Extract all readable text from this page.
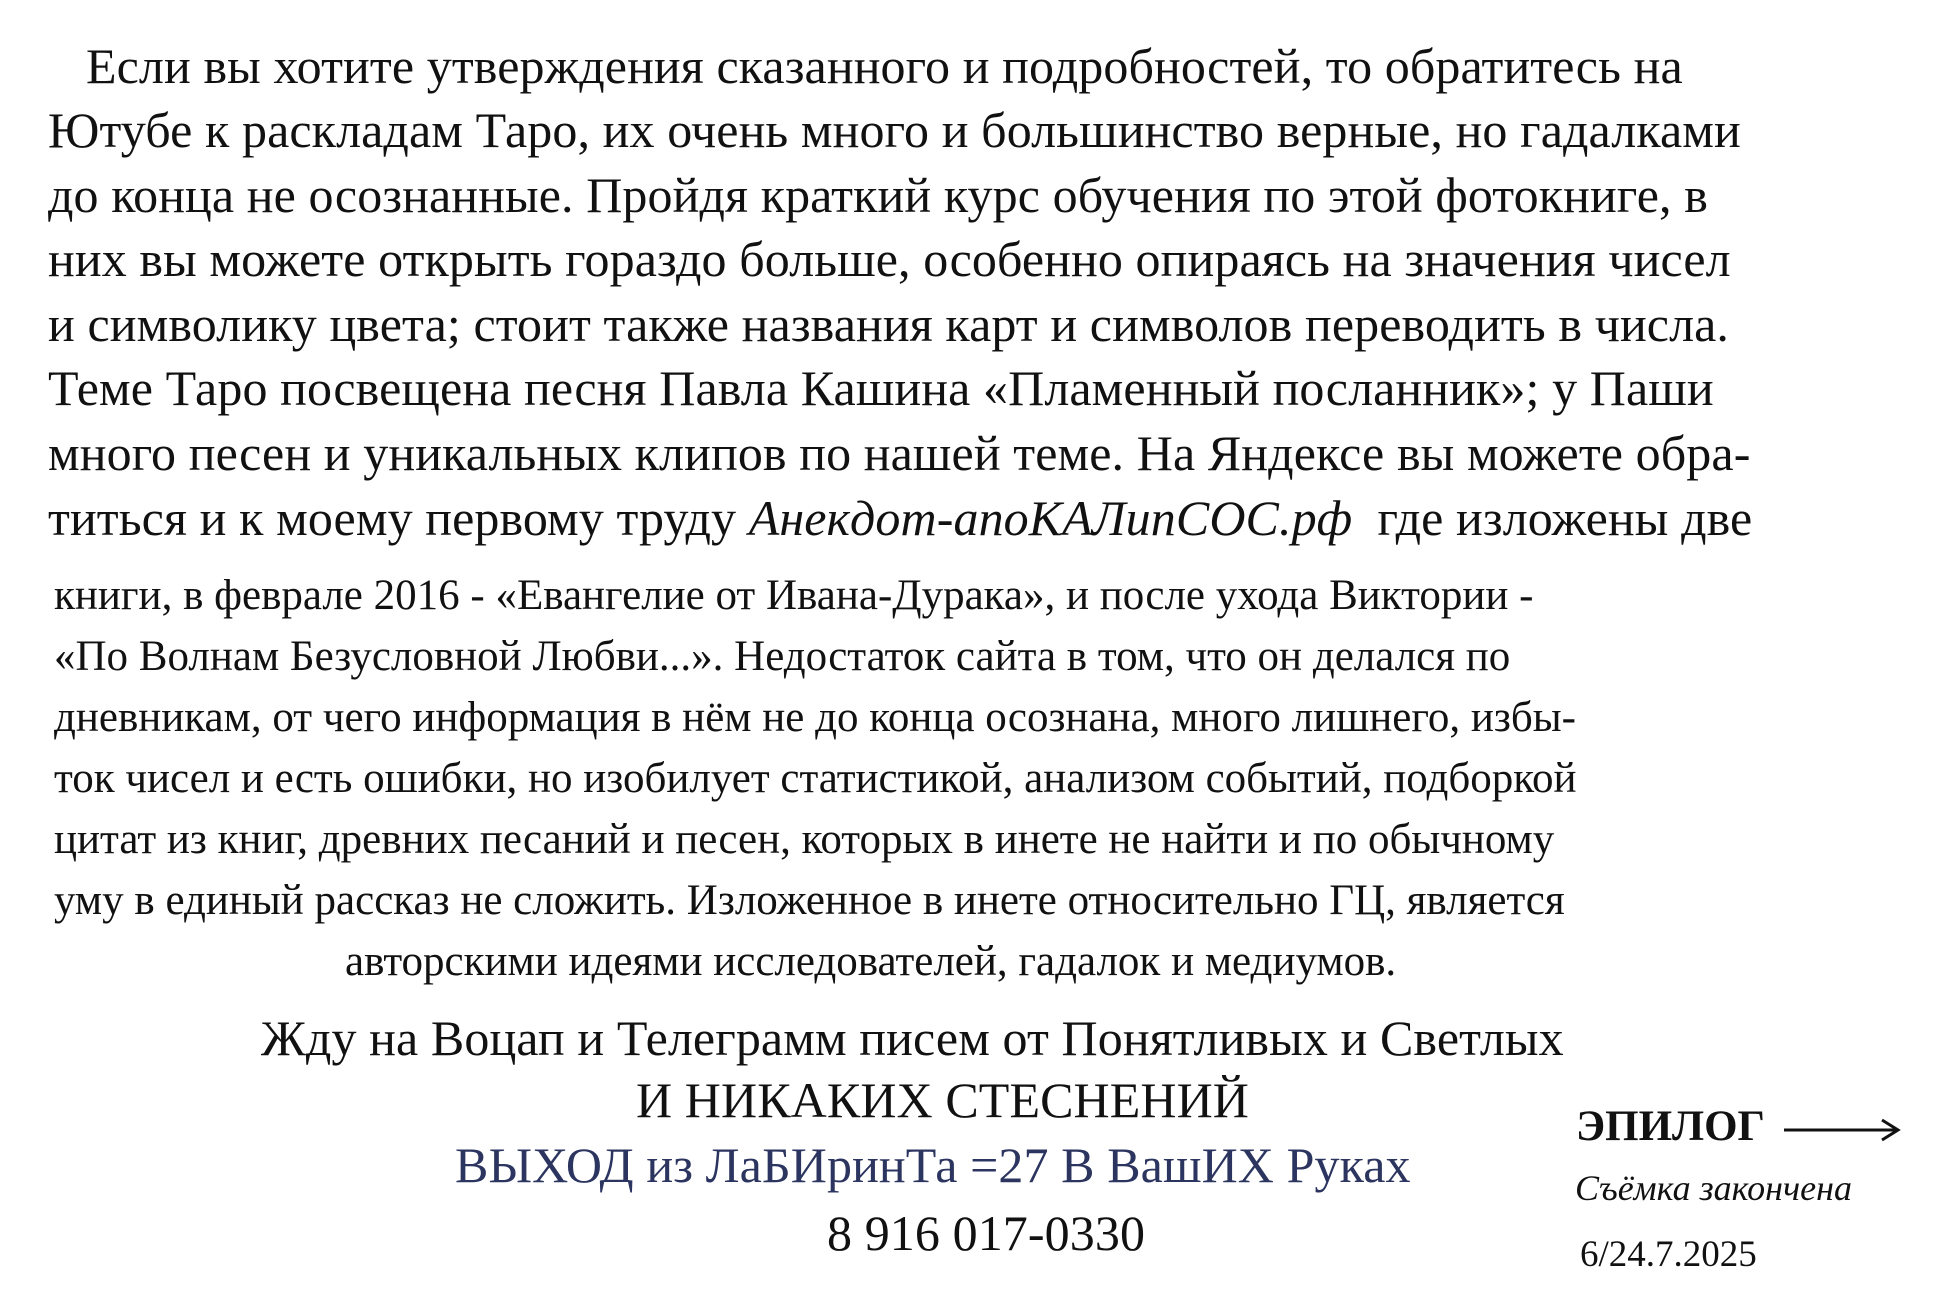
Если вы хотите утверждения сказанного и подробностей, то обратитесь на
Ютубе к раскладам Таро, их очень много и большинство верные, но гадалками
до конца не осознанные. Пройдя краткий курс обучения по этой фотокниге, в
них вы можете открыть гораздо больше, особенно опираясь на значения чисел
и символику цвета; стоит также названия карт и символов переводить в числа.
Теме Таро посвещена песня Павла Кашина «Пламенный посланник»; у Паши
много песен и уникальных клипов по нашей теме. На Яндексе вы можете обра-
титься и к моему первому труду Анекдот-апоКАЛипСОС.рф  где изложены две
книги, в феврале 2016 - «Евангелие от Ивана-Дурака», и после ухода Виктории -
«По Волнам Безусловной Любви...». Недостаток сайта в том, что он делался по
дневникам, от чего информация в нём не до конца осознана, много лишнего, избы-
ток чисел и есть ошибки, но изобилует статистикой, анализом событий, подборкой
цитат из книг, древних песаний и песен, которых в инете не найти и по обычному
уму в единый рассказ не сложить. Изложенное в инете относительно ГЦ, является
авторскими идеями исследователей, гадалок и медиумов.
Жду на Воцап и Телеграмм писем от Понятливых и Светлых
И НИКАКИХ СТЕСНЕНИЙ
ВЫХОД из ЛаБИринТа =27 В ВашИХ Руках
8 916 017-0330
ЭПИЛОГ
Съёмка закончена
6/24.7.2025
